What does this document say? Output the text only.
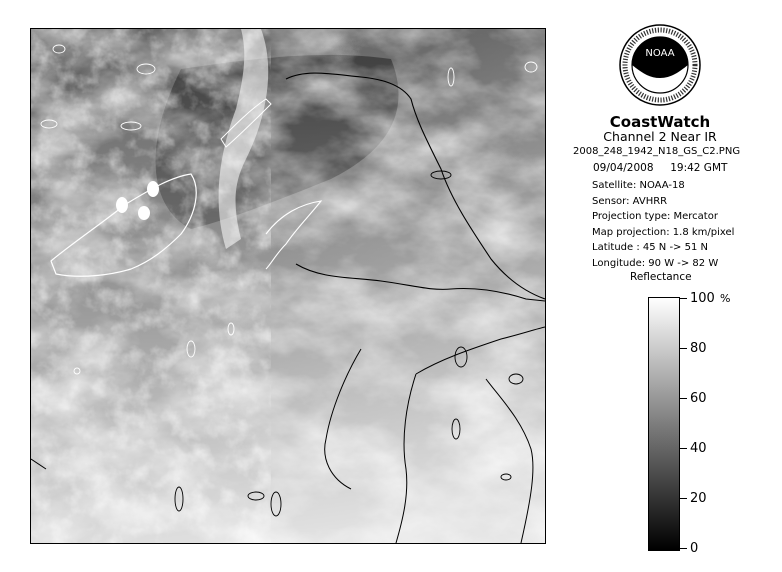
NOAA
CoastWatch
Channel 2 Near IR
2008_248_1942_N18_GS_C2.PNG
09/04/2008     19:42 GMT
Satellite: NOAA-18
Sensor: AVHRR
Projection type: Mercator
Map projection: 1.8 km/pixel
Latitude : 45 N -> 51 N
Longitude: 90 W -> 82 W
Reflectance
%
100
80
60
40
20
0
